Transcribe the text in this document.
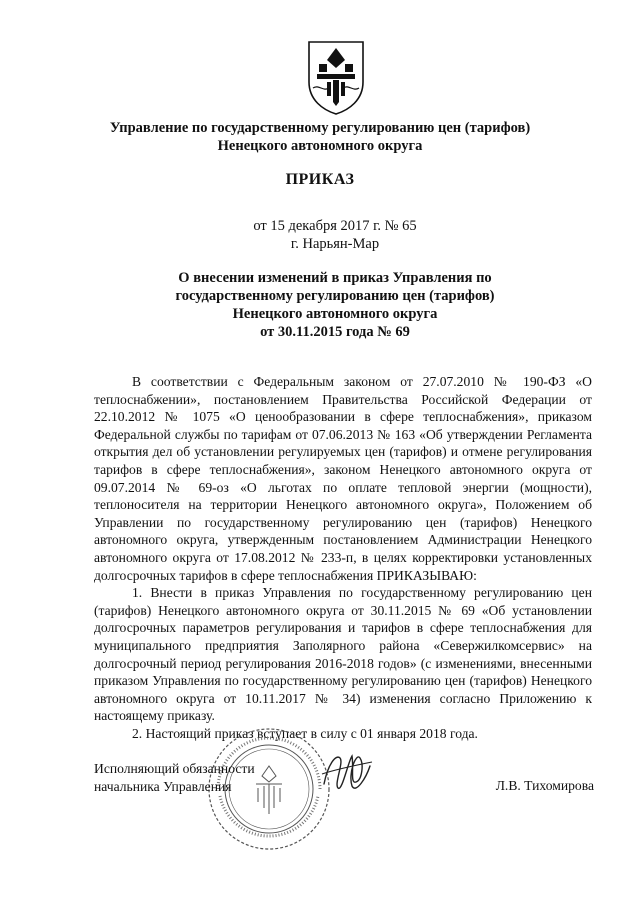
Управление по государственному регулированию цен (тарифов)
Ненецкого автономного округа
ПРИКАЗ
от 15 декабря 2017 г. № 65
г. Нарьян-Мар
О внесении изменений в приказ Управления по
государственному регулированию цен (тарифов)
Ненецкого автономного округа
от 30.11.2015 года № 69

В соответствии с Федеральным законом от 27.07.2010 № 190-ФЗ «О теплоснабжении», постановлением Правительства Российской Федерации от 22.10.2012 № 1075 «О ценообразовании в сфере теплоснабжения», приказом Федеральной службы по тарифам от 07.06.2013 № 163 «Об утверждении Регламента открытия дел об установлении регулируемых цен (тарифов) и отмене регулирования тарифов в сфере теплоснабжения», законом Ненецкого автономного округа от 09.07.2014 № 69-оз «О льготах по оплате тепловой энергии (мощности), теплоносителя на территории Ненецкого автономного округа», Положением об Управлении по государственному регулированию цен (тарифов) Ненецкого автономного округа, утвержденным постановлением Администрации Ненецкого автономного округа от 17.08.2012 № 233-п, в целях корректировки установленных долгосрочных тарифов в сфере теплоснабжения ПРИКАЗЫВАЮ:

1. Внести в приказ Управления по государственному регулированию цен (тарифов) Ненецкого автономного округа от 30.11.2015 № 69 «Об установлении долгосрочных параметров регулирования и тарифов в сфере теплоснабжения для муниципального предприятия Заполярного района «Севержилкомсервис» на долгосрочный период регулирования 2016-2018 годов» (с изменениями, внесенными приказом Управления по государственному регулированию цен (тарифов) Ненецкого автономного округа от 10.11.2017 № 34) изменения согласно Приложению к настоящему приказу.

2. Настоящий приказ вступает в силу с 01 января 2018 года.

Исполняющий обязанности
начальника Управления	Л.В. Тихомирова
